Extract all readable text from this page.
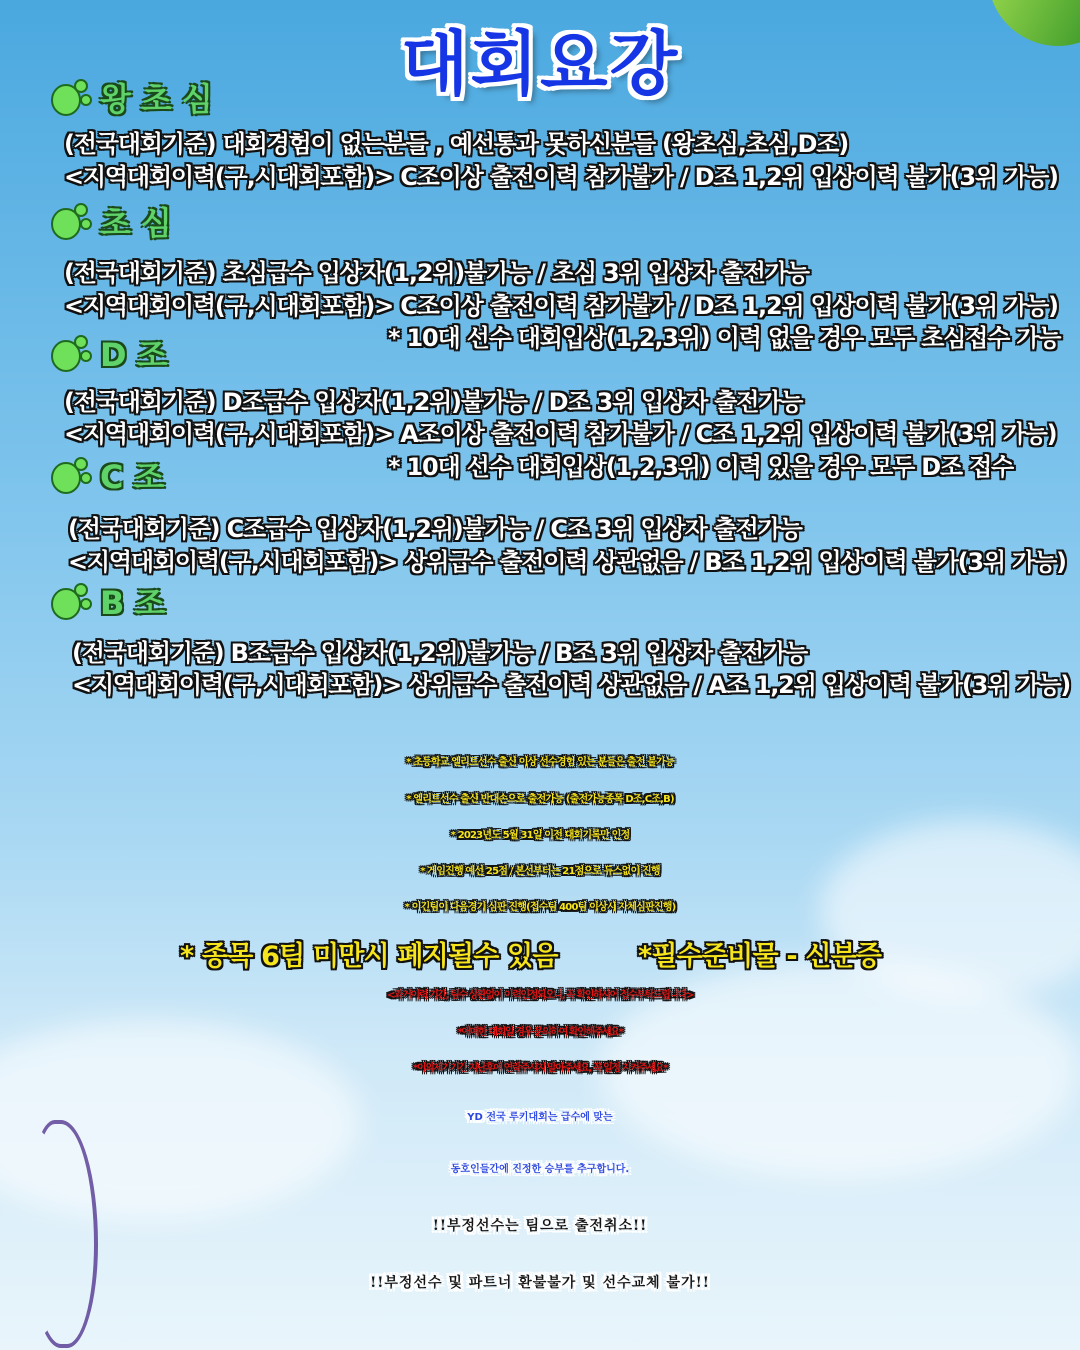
대회요강
왕초심
(전국대회기준) 대회경험이 없는분들 , 예선통과 못하신분들 (왕초심,초심,D조)
<지역대회이력(구,시대회포함)> C조이상 출전이력 참가불가 / D조 1,2위 입상이력 불가(3위 가능)
초심
(전국대회기준) 초심급수 입상자(1,2위)불가능 / 초심 3위 입상자 출전가능
<지역대회이력(구,시대회포함)> C조이상 출전이력 참가불가 / D조 1,2위 입상이력 불가(3위 가능)
* 10대 선수 대회입상(1,2,3위) 이력 없을 경우 모두 초심접수 가능
D조
(전국대회기준) D조급수 입상자(1,2위)불가능 / D조 3위 입상자 출전가능
<지역대회이력(구,시대회포함)> A조이상 출전이력 참가불가 / C조 1,2위 입상이력 불가(3위 가능)
* 10대 선수 대회입상(1,2,3위) 이력 있을 경우 모두 D조 접수
C조
(전국대회기준) C조급수 입상자(1,2위)불가능 / C조 3위 입상자 출전가능
<지역대회이력(구,시대회포함)> 상위급수 출전이력 상관없음 / B조 1,2위 입상이력 불가(3위 가능)
B조
(전국대회기준) B조급수 입상자(1,2위)불가능 / B조 3위 입상자 출전가능
<지역대회이력(구,시대회포함)> 상위급수 출전이력 상관없음 / A조 1,2위 입상이력 불가(3위 가능)
* 초등학교 엘리트선수 출신 이상 선수경험 있는 분들은 출전 불가능
* 엘리트선수 출신 반대손으로 출전가능 (출전가능종목 D조,C조,B)
* 2023년도 5월 31일 이전 대회기록만 인정
* 게임진행 예선 25점 / 본선부터는 21점으로 듀스없이 진행
* 이긴팀이 다음경기 심판 진행(접수팀 400팀 이상시 자체심판진행)
* 종목 6팀 미만시 폐지될수 있음	*필수준비물 - 신분증
<과거이력 기간, 팀수 상관없이 이력인정되오니, 꼭 확인하시어 접수부탁드립니다>
*애매한 대회일 경우 문의하여 확인해주세요*
*이의제기기간 지난후에 연락주시지 말아주세요, 꼭 일정 지켜주세요*
YD 전국 루키대회는 급수에 맞는
동호인들간에 진정한 승부를 추구합니다.
!!부정선수는 팀으로 출전취소!!
!!부정선수 및 파트너 환불불가 및 선수교체 불가!!
